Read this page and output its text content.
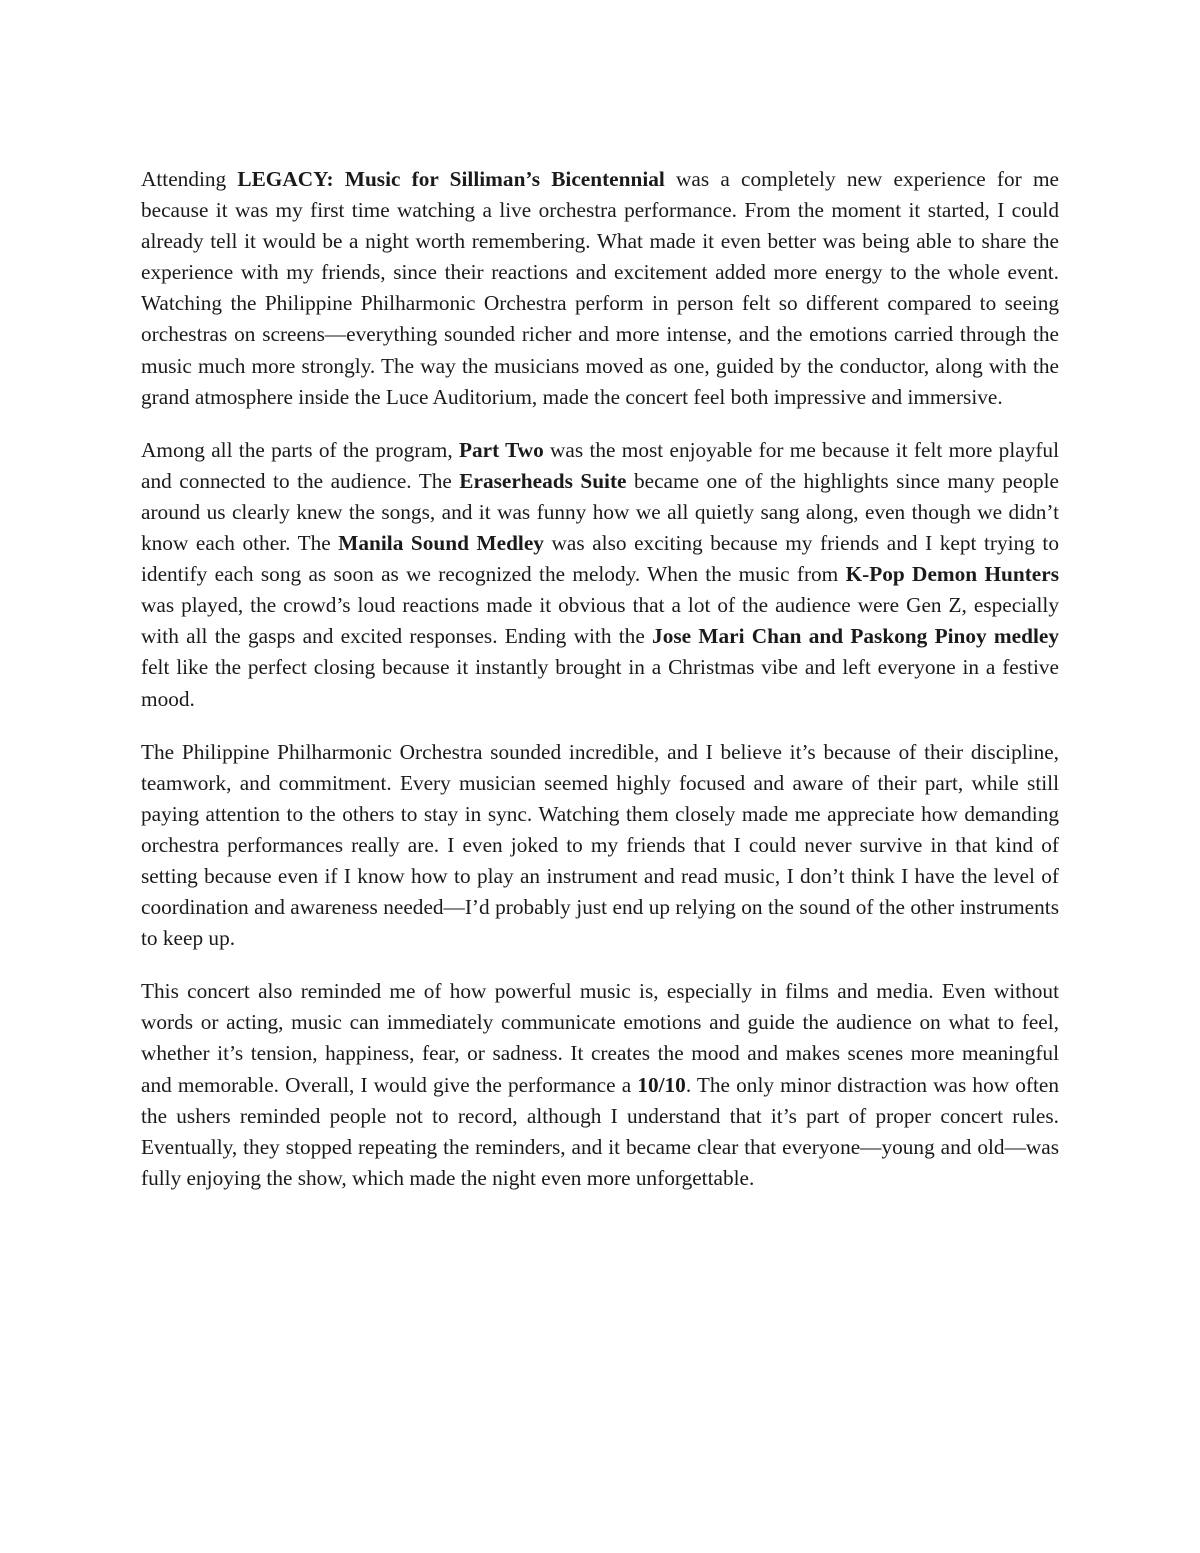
Attending LEGACY: Music for Silliman’s Bicentennial was a completely new experience for me because it was my first time watching a live orchestra performance. From the moment it started, I could already tell it would be a night worth remembering. What made it even better was being able to share the experience with my friends, since their reactions and excitement added more energy to the whole event. Watching the Philippine Philharmonic Orchestra perform in person felt so different compared to seeing orchestras on screens—everything sounded richer and more intense, and the emotions carried through the music much more strongly. The way the musicians moved as one, guided by the conductor, along with the grand atmosphere inside the Luce Auditorium, made the concert feel both impressive and immersive.

Among all the parts of the program, Part Two was the most enjoyable for me because it felt more playful and connected to the audience. The Eraserheads Suite became one of the highlights since many people around us clearly knew the songs, and it was funny how we all quietly sang along, even though we didn’t know each other. The Manila Sound Medley was also exciting because my friends and I kept trying to identify each song as soon as we recognized the melody. When the music from K-Pop Demon Hunters was played, the crowd’s loud reactions made it obvious that a lot of the audience were Gen Z, especially with all the gasps and excited responses. Ending with the Jose Mari Chan and Paskong Pinoy medley felt like the perfect closing because it instantly brought in a Christmas vibe and left everyone in a festive mood.

The Philippine Philharmonic Orchestra sounded incredible, and I believe it’s because of their discipline, teamwork, and commitment. Every musician seemed highly focused and aware of their part, while still paying attention to the others to stay in sync. Watching them closely made me appreciate how demanding orchestra performances really are. I even joked to my friends that I could never survive in that kind of setting because even if I know how to play an instrument and read music, I don’t think I have the level of coordination and awareness needed—I’d probably just end up relying on the sound of the other instruments to keep up.

This concert also reminded me of how powerful music is, especially in films and media. Even without words or acting, music can immediately communicate emotions and guide the audience on what to feel, whether it’s tension, happiness, fear, or sadness. It creates the mood and makes scenes more meaningful and memorable. Overall, I would give the performance a 10/10. The only minor distraction was how often the ushers reminded people not to record, although I understand that it’s part of proper concert rules. Eventually, they stopped repeating the reminders, and it became clear that everyone—young and old—was fully enjoying the show, which made the night even more unforgettable.
